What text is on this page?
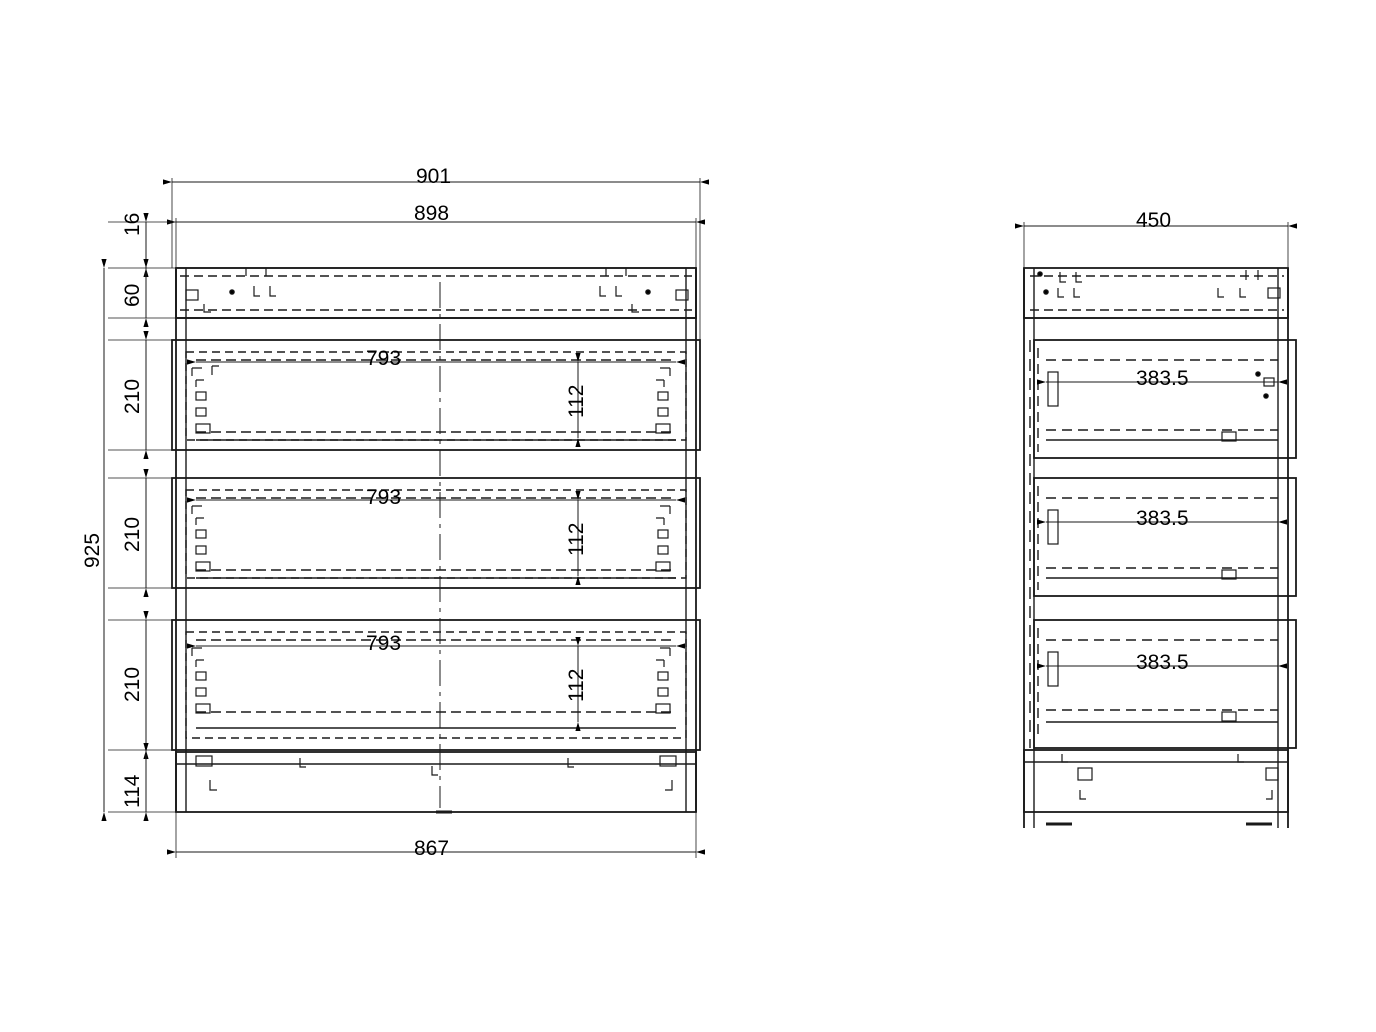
901
898
16
60
210
210
210
114
925
867
793
793
793
112
112
112
450
383.5
383.5
383.5
